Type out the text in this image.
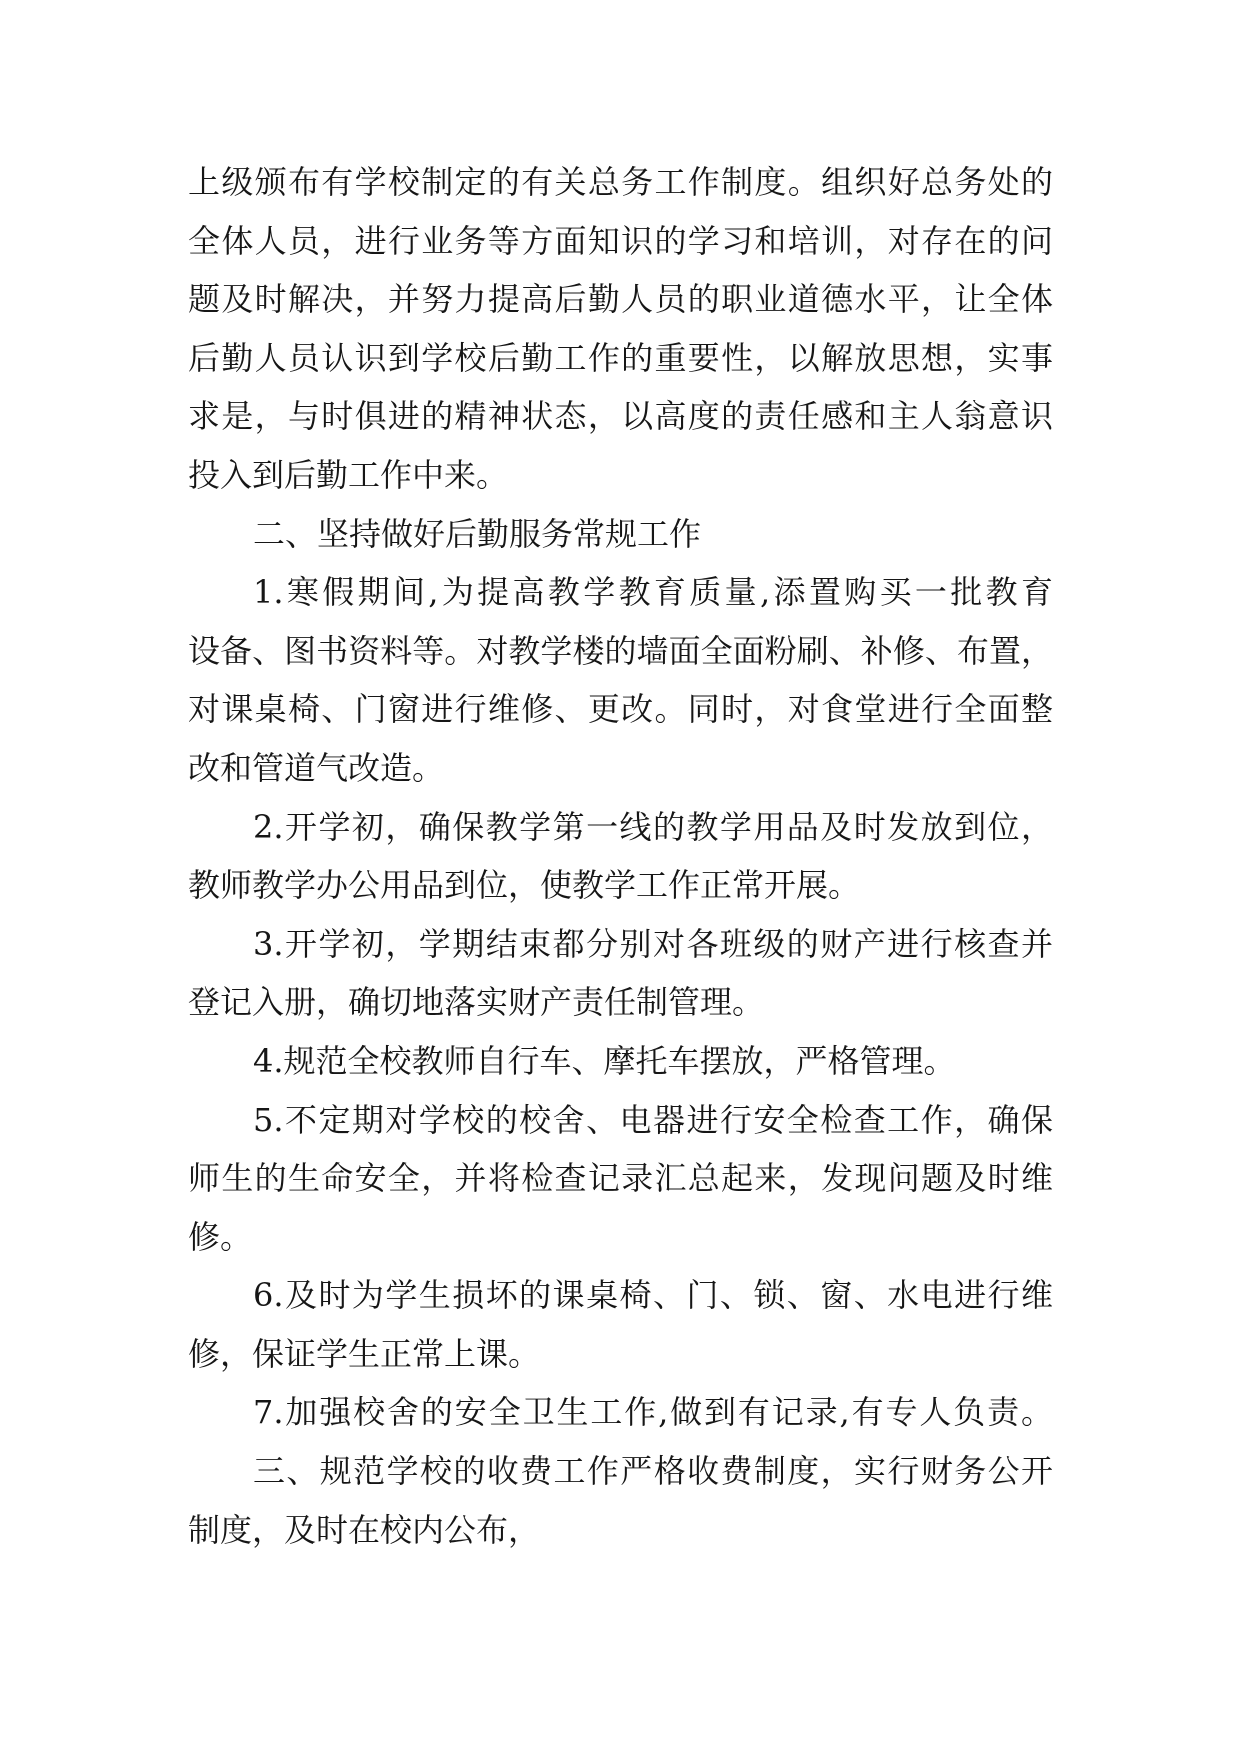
上级颁布有学校制定的有关总务工作制度。组织好总务处的
全体人员，进行业务等方面知识的学习和培训，对存在的问
题及时解决，并努力提高后勤人员的职业道德水平，让全体
后勤人员认识到学校后勤工作的重要性，以解放思想，实事
求是，与时俱进的精神状态，以高度的责任感和主人翁意识
投入到后勤工作中来。
二、坚持做好后勤服务常规工作
1.寒假期间,为提高教学教育质量,添置购买一批教育
设备、图书资料等。对教学楼的墙面全面粉刷、补修、布置，
对课桌椅、门窗进行维修、更改。同时，对食堂进行全面整
改和管道气改造。
2.开学初，确保教学第一线的教学用品及时发放到位，
教师教学办公用品到位，使教学工作正常开展。
3.开学初，学期结束都分别对各班级的财产进行核查并
登记入册，确切地落实财产责任制管理。
4.规范全校教师自行车、摩托车摆放，严格管理。
5.不定期对学校的校舍、电器进行安全检查工作，确保
师生的生命安全，并将检查记录汇总起来，发现问题及时维
修。
6.及时为学生损坏的课桌椅、门、锁、窗、水电进行维
修，保证学生正常上课。
7.加强校舍的安全卫生工作,做到有记录,有专人负责。
三、规范学校的收费工作严格收费制度，实行财务公开
制度，及时在校内公布，
